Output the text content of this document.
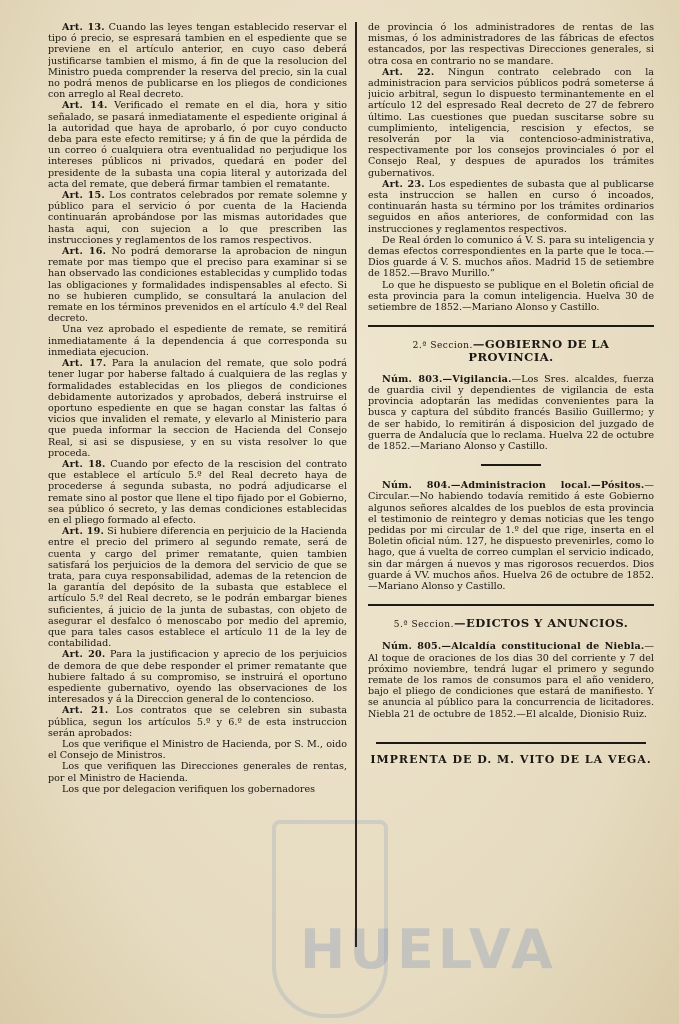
HUELVA

Art. 13. Cuando las leyes tengan establecido reservar el tipo ó precio, se espresará tambien en el espediente que se previene en el artículo anterior, en cuyo caso deberá justificarse tambien el mismo, á fin de que la resolucion del Ministro pueda comprender la reserva del precio, sin la cual no podrá menos de publicarse en los pliegos de condiciones con arreglo al Real decreto.

Art. 14. Verificado el remate en el dia, hora y sitio señalado, se pasará inmediatamente el espediente original á la autoridad que haya de aprobarlo, ó por cuyo conducto deba para este efecto remitirse; y á fin de que la pérdida de un correo ó cualquiera otra eventualidad no perjudique los intereses públicos ni privados, quedará en poder del presidente de la subasta una copia literal y autorizada del acta del remate, que deberá firmar tambien el rematante.

Art. 15. Los contratos celebrados por remate solemne y público para el servicio ó por cuenta de la Hacienda continuarán aprobándose por las mismas autoridades que hasta aqui, con sujecion a lo que prescriben las instrucciones y reglamentos de los ramos respectivos.

Art. 16. No podrá demorarse la aprobacion de ningun remate por mas tiempo que el preciso para examinar si se han observado las condiciones establecidas y cumplido todas las obligaciones y formalidades indispensables al efecto. Si no se hubieren cumplido, se consultará la anulacion del remate en los términos prevenidos en el artículo 4.º del Real decreto.

Una vez aprobado el espediente de remate, se remitirá inmediatamente á la dependencia á que corresponda su inmediata ejecucion.

Art. 17. Para la anulacion del remate, que solo podrá tener lugar por haberse faltado á cualquiera de las reglas y formalidades establecidas en los pliegos de condiciones debidamente autorizados y aprobados, deberá instruirse el oportuno espediente en que se hagan constar las faltas ó vicios que invaliden el remate, y elevarlo al Ministerio para que pueda informar la seccion de Hacienda del Consejo Real, si asi se dispusiese, y en su vista resolver lo que proceda.

Art. 18. Cuando por efecto de la rescision del contrato que establece el artículo 5.º del Real decreto haya de procederse á segunda subasta, no podrá adjudicarse el remate sino al postor que llene el tipo fijado por el Gobierno, sea público ó secreto, y las demas condiciones establecidas en el pliego formado al efecto.

Art. 19. Si hubiere diferencia en perjuicio de la Hacienda entre el precio del primero al segundo remate, será de cuenta y cargo del primer rematante, quien tambien satisfará los perjuicios de la demora del servicio de que se trata, para cuya responsabilidad, ademas de la retencion de la garantía del depósito de la subasta que establece el artículo 5.º del Real decreto, se le podrán embargar bienes suficientes, á juicio de la junta de subastas, con objeto de asegurar el desfalco ó menoscabo por medio del apremio, que para tales casos establece el artículo 11 de la ley de contabilidad.

Art. 20. Para la justificacion y aprecio de los perjuicios de demora de que debe responder el primer rematante que hubiere faltado á su compromiso, se instruirá el oportuno espediente gubernativo, oyendo las observaciones de los interesados y á la Direccion general de lo contencioso.

Art. 21. Los contratos que se celebren sin subasta pública, segun los artículos 5.º y 6.º de esta instruccion serán aprobados:

Los que verifique el Ministro de Hacienda, por S. M., oido el Consejo de Ministros.

Los que verifiquen las Direcciones generales de rentas, por el Ministro de Hacienda.

Los que por delegacion verifiquen los gobernadores

de provincia ó los administradores de rentas de las mismas, ó los administradores de las fábricas de efectos estancados, por las respectivas Direcciones generales, si otra cosa en contrario no se mandare.

Art. 22. Ningun contrato celebrado con la administracion para servicios públicos podrá someterse á juicio arbitral, segun lo dispuesto terminantemente en el artículo 12 del espresado Real decreto de 27 de febrero último. Las cuestiones que puedan suscitarse sobre su cumplimiento, inteligencia, rescision y efectos, se resolverán por la via contencioso-administrativa, respectivamente por los consejos provinciales ó por el Consejo Real, y despues de apurados los trámites gubernativos.

Art. 23. Los espedientes de subasta que al publicarse esta instruccion se hallen en curso ó incoados, continuarán hasta su término por los trámites ordinarios seguidos en años anteriores, de conformidad con las instrucciones y reglamentos respectivos.

De Real órden lo comunico á V. S. para su inteligencia y demas efectos correspondientes en la parte que le toca.—Dios guarde á V. S. muchos años. Madrid 15 de setiembre de 1852.—Bravo Murillo.”

Lo que he dispuesto se publique en el Boletin oficial de esta provincia para la comun inteligencia. Huelva 30 de setiembre de 1852.—Mariano Alonso y Castillo.

2.ª Seccion.—GOBIERNO DE LA PROVINCIA.

Núm. 803.—Vigilancia.—Los Sres. alcaldes, fuerza de guardia civil y dependientes de vigilancia de esta provincia adoptarán las medidas convenientes para la busca y captura del súbdito francés Basilio Guillermo; y de ser habido, lo remitirán á disposicion del juzgado de guerra de Andalucía que lo reclama. Huelva 22 de octubre de 1852.—Mariano Alonso y Castillo.

Núm. 804.—Administracion local.—Pósitos.—Circular.—No habiendo todavía remitido á este Gobierno algunos señores alcaldes de los pueblos de esta provincia el testimonio de reintegro y demas noticias que les tengo pedidas por mi circular de 1.º del que rige, inserta en el Boletin oficial núm. 127, he dispuesto prevenirles, como lo hago, que á vuelta de correo cumplan el servicio indicado, sin dar márgen á nuevos y mas rigorosos recuerdos. Dios guarde á VV. muchos años. Huelva 26 de octubre de 1852.—Mariano Alonso y Castillo.

5.ª Seccion.—EDICTOS Y ANUNCIOS.

Núm. 805.—Alcaldía constitucional de Niebla.—Al toque de oraciones de los dias 30 del corriente y 7 del próximo noviembre, tendrá lugar el primero y segundo remate de los ramos de consumos para el año venidero, bajo el pliego de condiciones que estará de manifiesto. Y se anuncia al público para la concurrencia de licitadores. Niebla 21 de octubre de 1852.—El alcalde, Dionisio Ruiz.

IMPRENTA DE D. M. VITO DE LA VEGA.
